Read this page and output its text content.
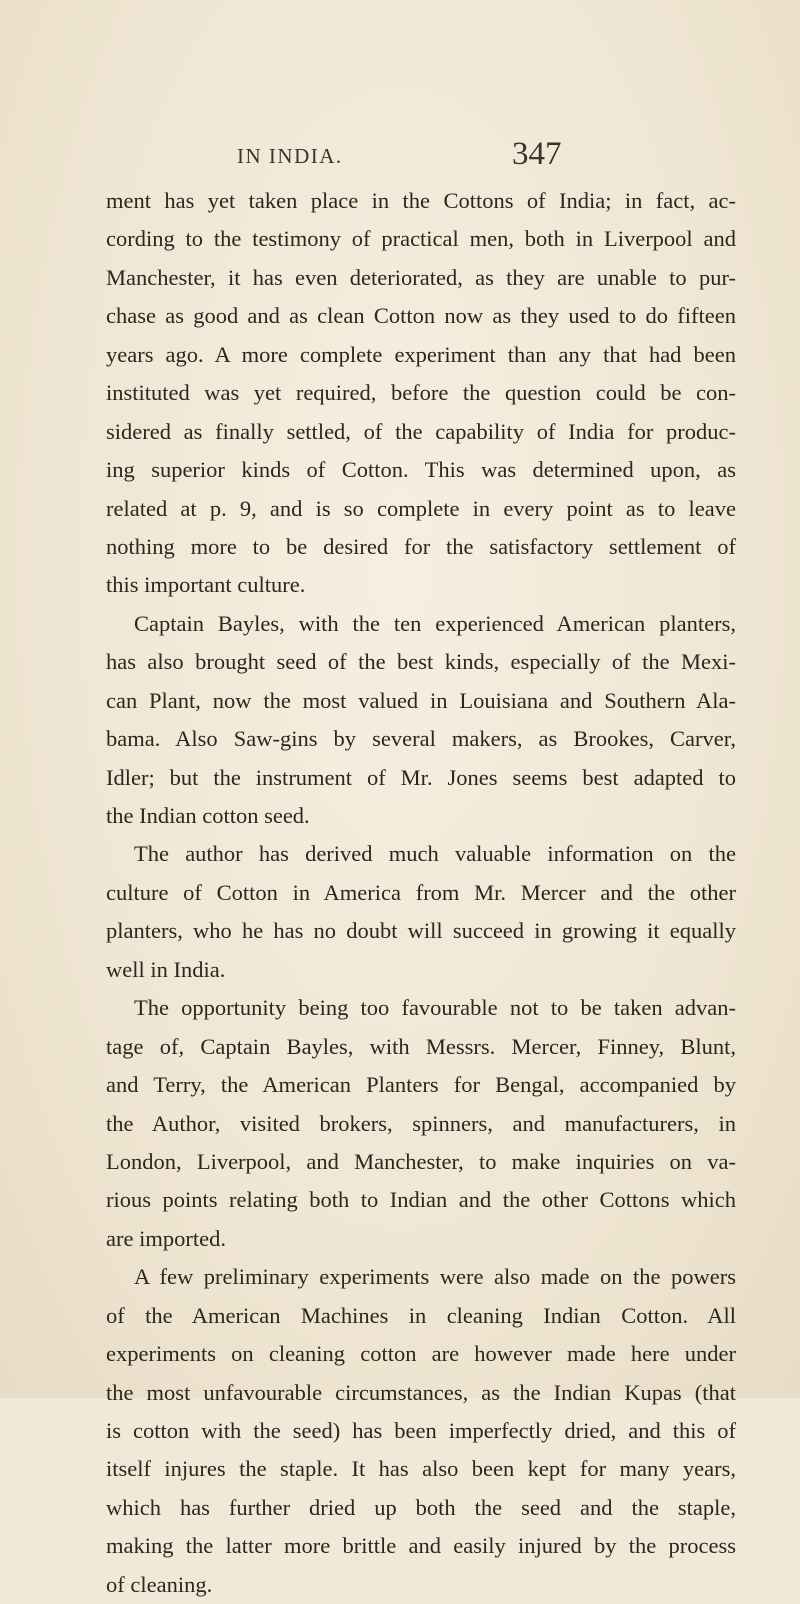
IN INDIA.	347
ment has yet taken place in the Cottons of India; in fact, ac-
cording to the testimony of practical men, both in Liverpool and
Manchester, it has even deteriorated, as they are unable to pur-
chase as good and as clean Cotton now as they used to do fifteen
years ago. A more complete experiment than any that had been
instituted was yet required, before the question could be con-
sidered as finally settled, of the capability of India for produc-
ing superior kinds of Cotton. This was determined upon, as
related at p. 9, and is so complete in every point as to leave
nothing more to be desired for the satisfactory settlement of
this important culture.
Captain Bayles, with the ten experienced American planters,
has also brought seed of the best kinds, especially of the Mexi-
can Plant, now the most valued in Louisiana and Southern Ala-
bama. Also Saw-gins by several makers, as Brookes, Carver,
Idler; but the instrument of Mr. Jones seems best adapted to
the Indian cotton seed.
The author has derived much valuable information on the
culture of Cotton in America from Mr. Mercer and the other
planters, who he has no doubt will succeed in growing it equally
well in India.
The opportunity being too favourable not to be taken advan-
tage of, Captain Bayles, with Messrs. Mercer, Finney, Blunt,
and Terry, the American Planters for Bengal, accompanied by
the Author, visited brokers, spinners, and manufacturers, in
London, Liverpool, and Manchester, to make inquiries on va-
rious points relating both to Indian and the other Cottons which
are imported.
A few preliminary experiments were also made on the powers
of the American Machines in cleaning Indian Cotton. All
experiments on cleaning cotton are however made here under
the most unfavourable circumstances, as the Indian Kupas (that
is cotton with the seed) has been imperfectly dried, and this of
itself injures the staple. It has also been kept for many years,
which has further dried up both the seed and the staple,
making the latter more brittle and easily injured by the process
of cleaning.
